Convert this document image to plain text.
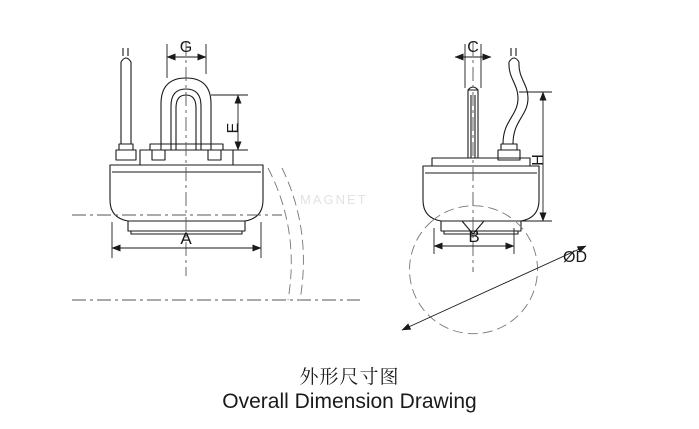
G
E
A
C
H
B
ØD
MAGNET
外形尺寸图
Overall Dimension Drawing
